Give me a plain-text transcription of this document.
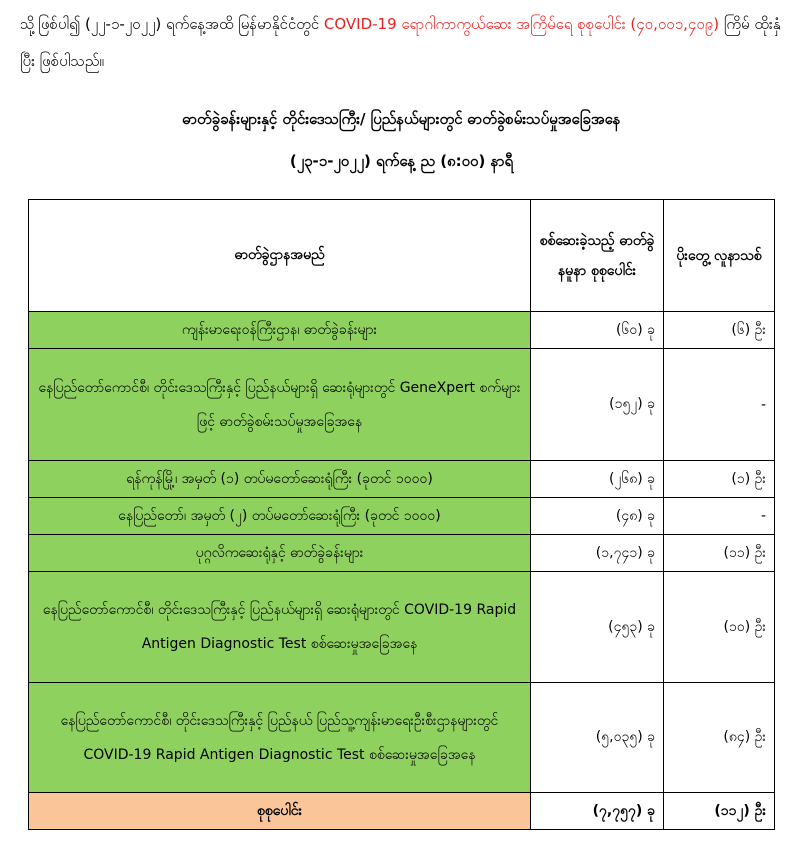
သို့ဖြစ်ပါ၍ (၂၂-၁-၂၀၂၂) ရက်နေ့အထိ မြန်မာနိုင်ငံတွင် COVID-19 ရောဂါကာကွယ်ဆေး အကြိမ်ရေ စုစုပေါင်း (၄၀,၀၀၁,၄၀၉) ကြိမ် ထိုးနှံပြီး ဖြစ်ပါသည်။
ဓာတ်ခွဲခန်းများနှင့် တိုင်းဒေသကြီး/ ပြည်နယ်များတွင် ဓာတ်ခွဲစမ်းသပ်မှုအခြေအနေ
(၂၃-၁-၂၀၂၂) ရက်နေ့ ည (၈:၀၀) နာရီ
ဓာတ်ခွဲဌာနအမည်	စစ်ဆေးခဲ့သည့် ဓာတ်ခွဲနမူနာ စုစုပေါင်း	ပိုးတွေ့ လူနာသစ်
ကျန်းမာရေးဝန်ကြီးဌာန၊ ဓာတ်ခွဲခန်းများ	(၆၀) ခု	(၆) ဦး
နေပြည်တော်ကောင်စီ၊ တိုင်းဒေသကြီးနှင့် ပြည်နယ်များရှိ ဆေးရုံများတွင် GeneXpert စက်များဖြင့် ဓာတ်ခွဲစမ်းသပ်မှုအခြေအနေ	(၁၅၂) ခု	-
ရန်ကုန်မြို့၊ အမှတ် (၁) တပ်မတော်ဆေးရုံကြီး (ခုတင် ၁၀၀၀)	(၂၆၈) ခု	(၁) ဦး
နေပြည်တော်၊ အမှတ် (၂) တပ်မတော်ဆေးရုံကြီး (ခုတင် ၁၀၀၀)	(၄၈) ခု	-
ပုဂ္ဂလိကဆေးရုံနှင့် ဓာတ်ခွဲခန်းများ	(၁,၇၄၁) ခု	(၁၁) ဦး
နေပြည်တော်ကောင်စီ၊ တိုင်းဒေသကြီးနှင့် ပြည်နယ်များရှိ ဆေးရုံများတွင် COVID-19 Rapid Antigen Diagnostic Test စစ်ဆေးမှုအခြေအနေ	(၄၅၃) ခု	(၁၀) ဦး
နေပြည်တော်ကောင်စီ၊ တိုင်းဒေသကြီးနှင့် ပြည်နယ် ပြည်သူ့ကျန်းမာရေးဦးစီးဌာနများတွင် COVID-19 Rapid Antigen Diagnostic Test စစ်ဆေးမှုအခြေအနေ	(၅,၀၃၅) ခု	(၈၄) ဦး
စုစုပေါင်း	(၇,၇၅၇) ခု	(၁၁၂) ဦး
